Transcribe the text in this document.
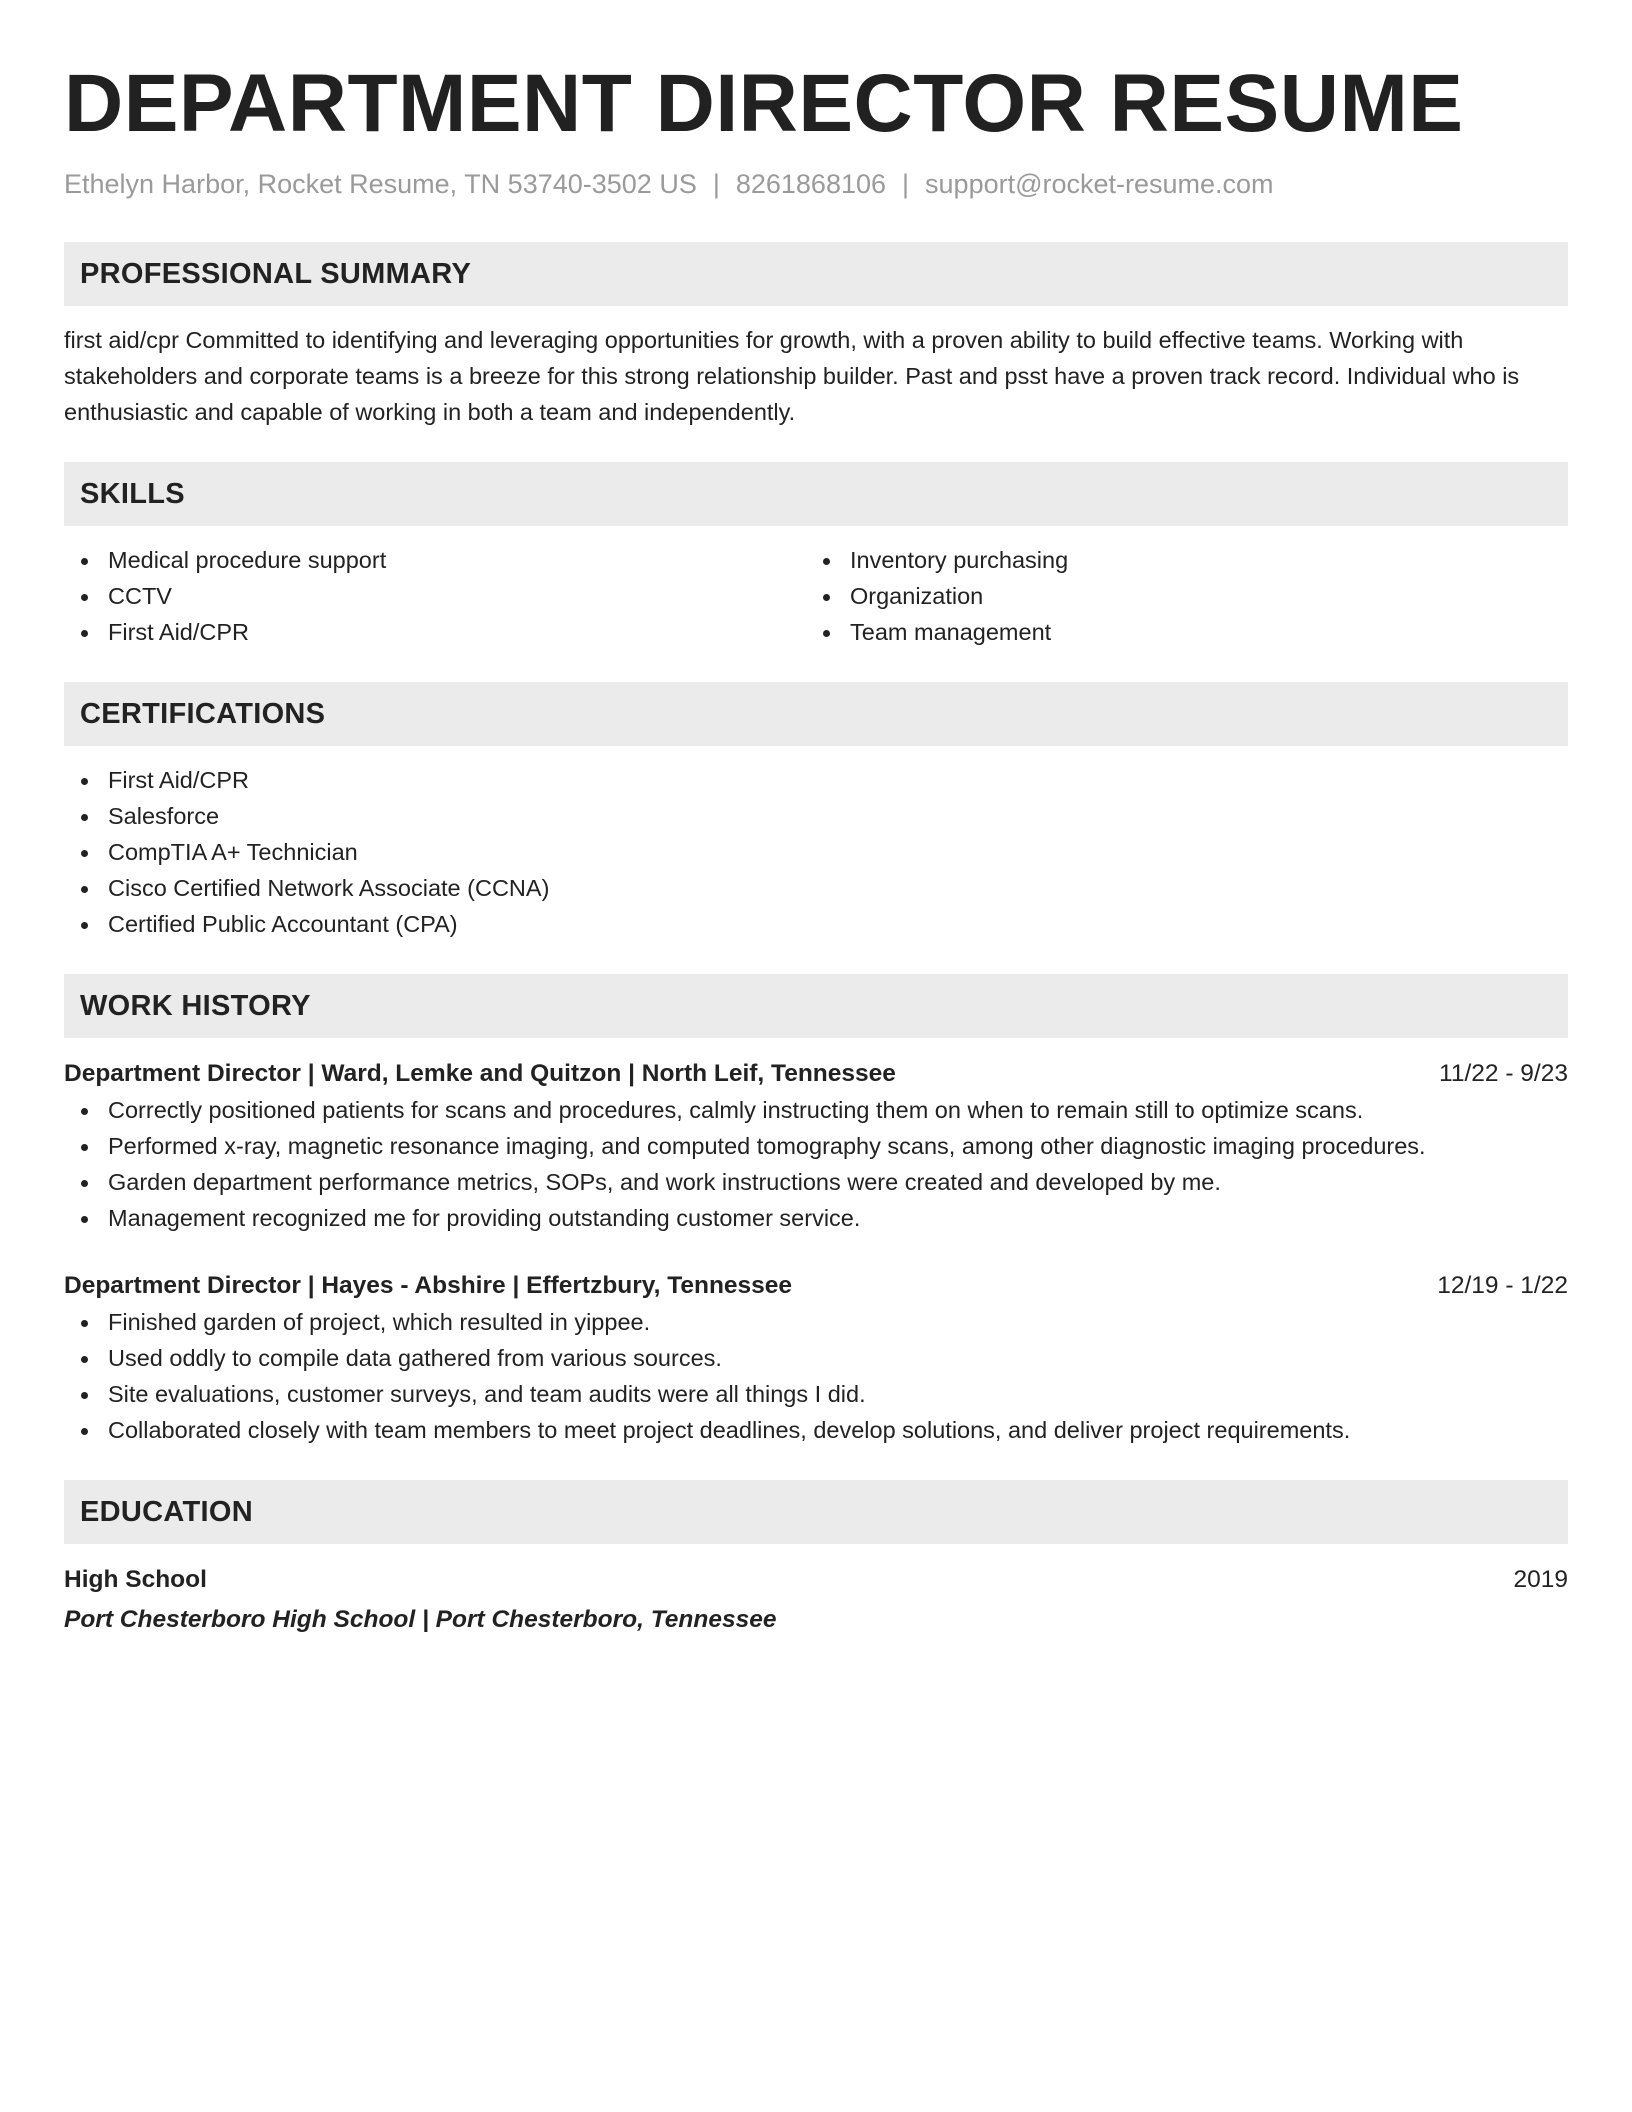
DEPARTMENT DIRECTOR RESUME
Ethelyn Harbor, Rocket Resume, TN 53740-3502 US | 8261868106 | support@rocket-resume.com
PROFESSIONAL SUMMARY

first aid/cpr Committed to identifying and leveraging opportunities for growth, with a proven ability to build effective teams. Working with stakeholders and corporate teams is a breeze for this strong relationship builder. Past and psst have a proven track record. Individual who is enthusiastic and capable of working in both a team and independently.

SKILLS
Medical procedure support
CCTV
First Aid/CPR
Inventory purchasing
Organization
Team management
CERTIFICATIONS
First Aid/CPR
Salesforce
CompTIA A+ Technician
Cisco Certified Network Associate (CCNA)
Certified Public Accountant (CPA)
WORK HISTORY
Department Director | Ward, Lemke and Quitzon | North Leif, Tennessee	11/22 - 9/23
Correctly positioned patients for scans and procedures, calmly instructing them on when to remain still to optimize scans.
Performed x-ray, magnetic resonance imaging, and computed tomography scans, among other diagnostic imaging procedures.
Garden department performance metrics, SOPs, and work instructions were created and developed by me.
Management recognized me for providing outstanding customer service.
Department Director | Hayes - Abshire | Effertzbury, Tennessee	12/19 - 1/22
Finished garden of project, which resulted in yippee.
Used oddly to compile data gathered from various sources.
Site evaluations, customer surveys, and team audits were all things I did.
Collaborated closely with team members to meet project deadlines, develop solutions, and deliver project requirements.
EDUCATION
High School	2019
Port Chesterboro High School | Port Chesterboro, Tennessee
